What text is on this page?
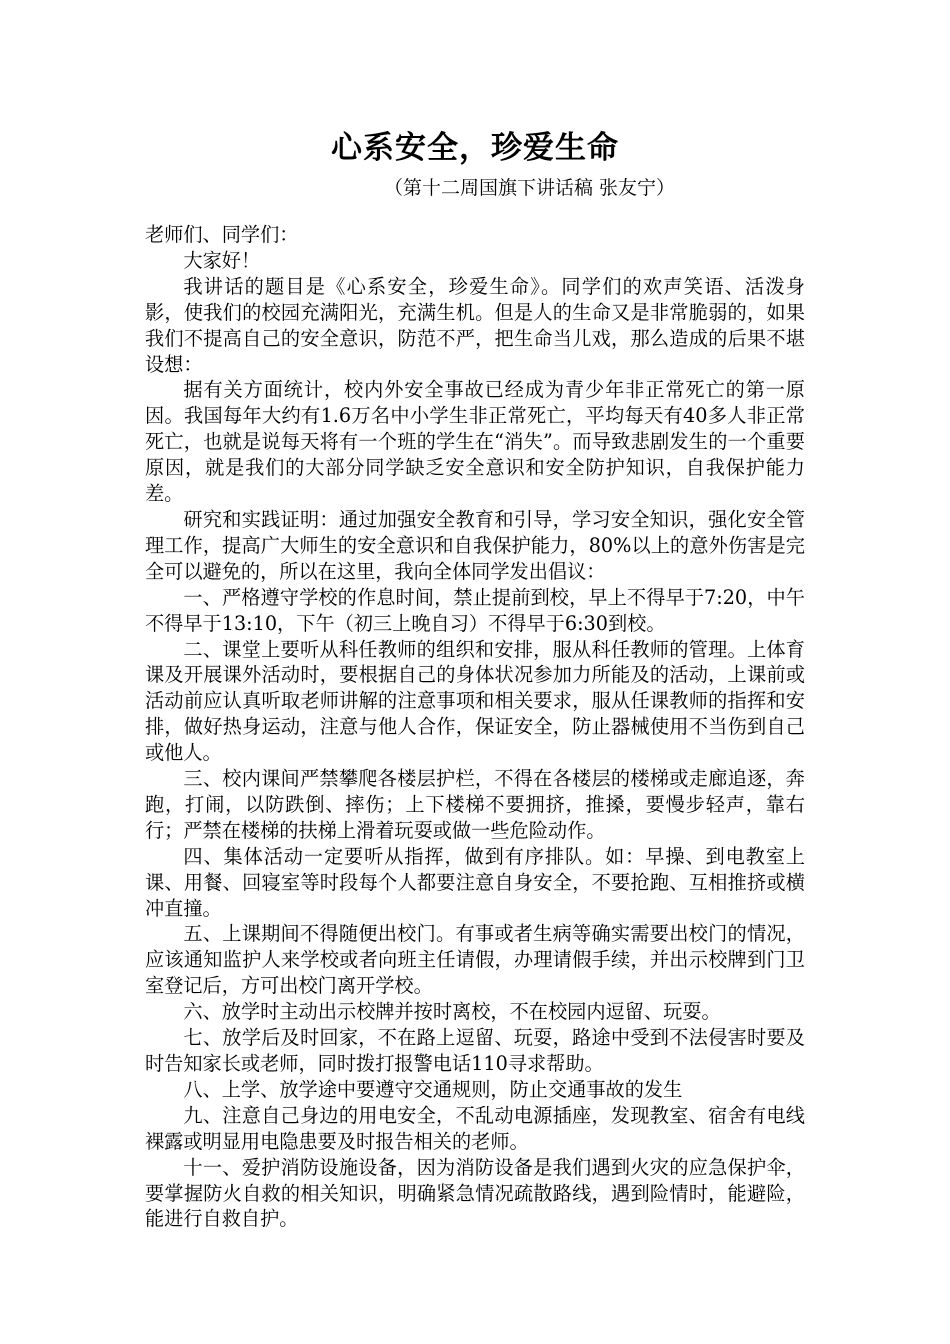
心系安全，珍爱生命

（第十二周国旗下讲话稿 张友宁）

老师们、同学们：

大家好！

我讲话的题目是《心系安全，珍爱生命》。同学们的欢声笑语、活泼身影，使我们的校园充满阳光，充满生机。但是人的生命又是非常脆弱的，如果我们不提高自己的安全意识，防范不严，把生命当儿戏，那么造成的后果不堪设想：

据有关方面统计，校内外安全事故已经成为青少年非正常死亡的第一原因。我国每年大约有1.6万名中小学生非正常死亡，平均每天有40多人非正常死亡，也就是说每天将有一个班的学生在“消失”。而导致悲剧发生的一个重要原因，就是我们的大部分同学缺乏安全意识和安全防护知识，自我保护能力差。

研究和实践证明：通过加强安全教育和引导，学习安全知识，强化安全管理工作，提高广大师生的安全意识和自我保护能力，80%以上的意外伤害是完全可以避免的，所以在这里，我向全体同学发出倡议：

一、严格遵守学校的作息时间，禁止提前到校，早上不得早于7:20，中午不得早于13:10，下午（初三上晚自习）不得早于6:30到校。

二、课堂上要听从科任教师的组织和安排，服从科任教师的管理。上体育课及开展课外活动时，要根据自己的身体状况参加力所能及的活动，上课前或活动前应认真听取老师讲解的注意事项和相关要求，服从任课教师的指挥和安排，做好热身运动，注意与他人合作，保证安全，防止器械使用不当伤到自己或他人。

三、校内课间严禁攀爬各楼层护栏，不得在各楼层的楼梯或走廊追逐，奔跑，打闹，以防跌倒、摔伤；上下楼梯不要拥挤，推搡，要慢步轻声，靠右行；严禁在楼梯的扶梯上滑着玩耍或做一些危险动作。

四、集体活动一定要听从指挥，做到有序排队。如：早操、到电教室上课、用餐、回寝室等时段每个人都要注意自身安全，不要抢跑、互相推挤或横冲直撞。

五、上课期间不得随便出校门。有事或者生病等确实需要出校门的情况，应该通知监护人来学校或者向班主任请假，办理请假手续，并出示校牌到门卫室登记后，方可出校门离开学校。

六、放学时主动出示校牌并按时离校，不在校园内逗留、玩耍。

七、放学后及时回家，不在路上逗留、玩耍，路途中受到不法侵害时要及时告知家长或老师，同时拨打报警电话110寻求帮助。

八、上学、放学途中要遵守交通规则，防止交通事故的发生

九、注意自己身边的用电安全，不乱动电源插座，发现教室、宿舍有电线裸露或明显用电隐患要及时报告相关的老师。

十一、爱护消防设施设备，因为消防设备是我们遇到火灾的应急保护伞，要掌握防火自救的相关知识，明确紧急情况疏散路线，遇到险情时，能避险，能进行自救自护。
